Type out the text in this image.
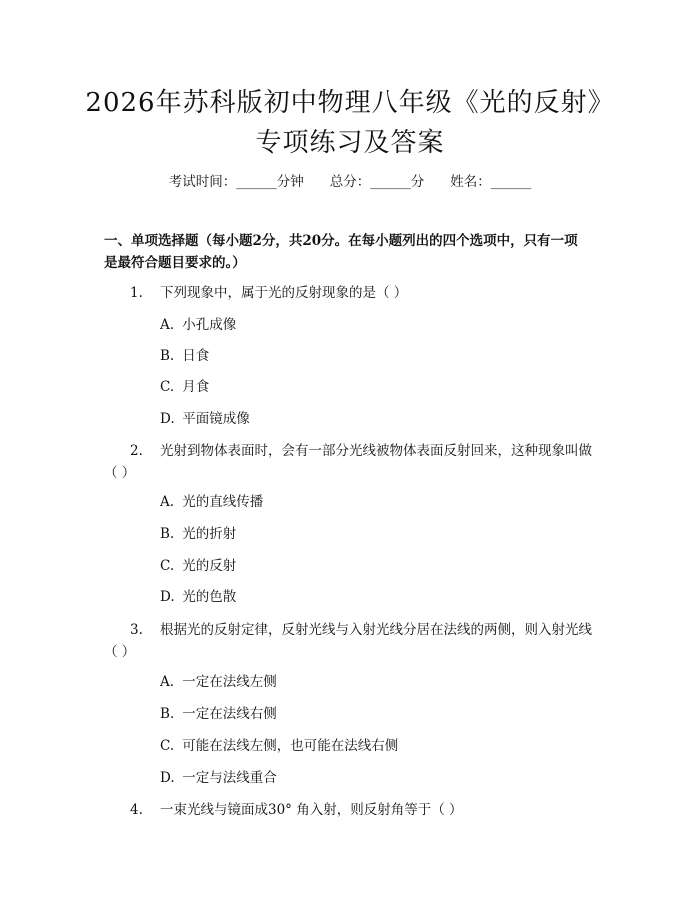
2026年苏科版初中物理八年级《光的反射》
专项练习及答案
考试时间：______分钟 总分：______分 姓名：______
一、单项选择题（每小题2分，共20分。在每小题列出的四个选项中，只有一项
是最符合题目要求的。）
1. 下列现象中，属于光的反射现象的是（ ）
A. 小孔成像
B. 日食
C. 月食
D. 平面镜成像
2. 光射到物体表面时，会有一部分光线被物体表面反射回来，这种现象叫做
（ ）
A. 光的直线传播
B. 光的折射
C. 光的反射
D. 光的色散
3. 根据光的反射定律，反射光线与入射光线分居在法线的两侧，则入射光线
（ ）
A. 一定在法线左侧
B. 一定在法线右侧
C. 可能在法线左侧，也可能在法线右侧
D. 一定与法线重合
4. 一束光线与镜面成30° 角入射，则反射角等于（ ）
